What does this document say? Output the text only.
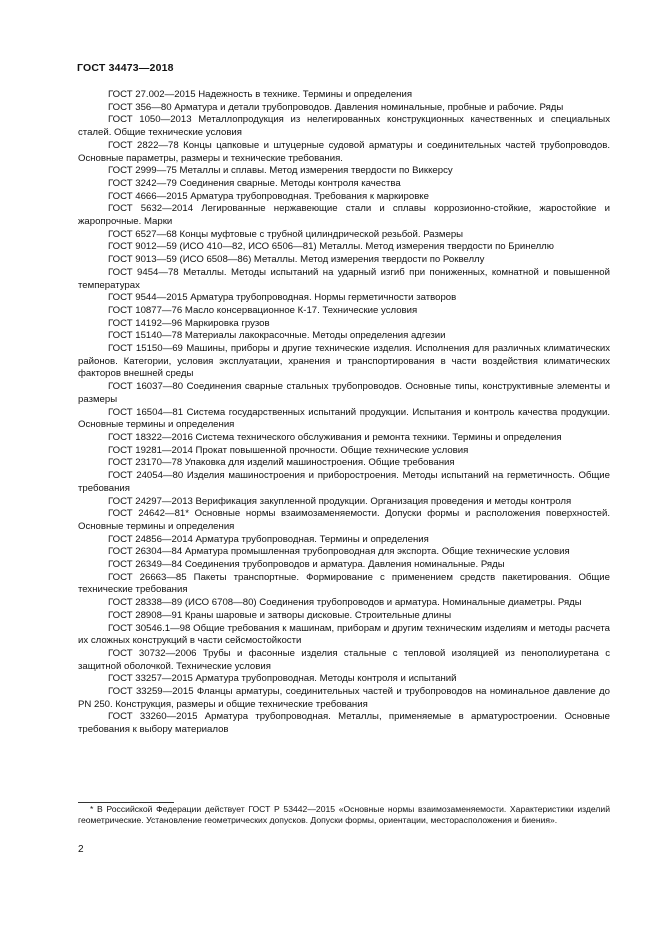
ГОСТ 34473—2018

ГОСТ 27.002—2015 Надежность в технике. Термины и определения

ГОСТ 356—80 Арматура и детали трубопроводов. Давления номинальные, пробные и рабочие. Ряды

ГОСТ 1050—2013 Металлопродукция из нелегированных конструкционных качественных и специальных сталей. Общие технические условия

ГОСТ 2822—78 Концы цапковые и штуцерные судовой арматуры и соединительных частей трубопроводов. Основные параметры, размеры и технические требования.

ГОСТ 2999—75 Металлы и сплавы. Метод измерения твердости по Виккерсу

ГОСТ 3242—79 Соединения сварные. Методы контроля качества

ГОСТ 4666—2015 Арматура трубопроводная. Требования к маркировке

ГОСТ 5632—2014 Легированные нержавеющие стали и сплавы коррозионно-стойкие, жаростойкие и жаропрочные. Марки

ГОСТ 6527—68 Концы муфтовые с трубной цилиндрической резьбой. Размеры

ГОСТ 9012—59 (ИСО 410—82, ИСО 6506—81) Металлы. Метод измерения твердости по Бринеллю

ГОСТ 9013—59 (ИСО 6508—86) Металлы. Метод измерения твердости по Роквеллу

ГОСТ 9454—78 Металлы. Методы испытаний на ударный изгиб при пониженных, комнатной и повышенной температурах

ГОСТ 9544—2015 Арматура трубопроводная. Нормы герметичности затворов

ГОСТ 10877—76 Масло консервационное К-17. Технические условия

ГОСТ 14192—96 Маркировка грузов

ГОСТ 15140—78 Материалы лакокрасочные. Методы определения адгезии

ГОСТ 15150—69 Машины, приборы и другие технические изделия. Исполнения для различных климатических районов. Категории, условия эксплуатации, хранения и транспортирования в части воздействия климатических факторов внешней среды

ГОСТ 16037—80 Соединения сварные стальных трубопроводов. Основные типы, конструктивные элементы и размеры

ГОСТ 16504—81 Система государственных испытаний продукции. Испытания и контроль качества продукции. Основные термины и определения

ГОСТ 18322—2016 Система технического обслуживания и ремонта техники. Термины и определения

ГОСТ 19281—2014 Прокат повышенной прочности. Общие технические условия

ГОСТ 23170—78 Упаковка для изделий машиностроения. Общие требования

ГОСТ 24054—80 Изделия машиностроения и приборостроения. Методы испытаний на герметичность. Общие требования

ГОСТ 24297—2013 Верификация закупленной продукции. Организация проведения и методы контроля

ГОСТ 24642—81* Основные нормы взаимозаменяемости. Допуски формы и расположения поверхностей. Основные термины и определения

ГОСТ 24856—2014 Арматура трубопроводная. Термины и определения

ГОСТ 26304—84 Арматура промышленная трубопроводная для экспорта. Общие технические условия

ГОСТ 26349—84 Соединения трубопроводов и арматура. Давления номинальные. Ряды

ГОСТ 26663—85 Пакеты транспортные. Формирование с применением средств пакетирования. Общие технические требования

ГОСТ 28338—89 (ИСО 6708—80) Соединения трубопроводов и арматура. Номинальные диаметры. Ряды

ГОСТ 28908—91 Краны шаровые и затворы дисковые. Строительные длины

ГОСТ 30546.1—98 Общие требования к машинам, приборам и другим техническим изделиям и методы расчета их сложных конструкций в части сейсмостойкости

ГОСТ 30732—2006 Трубы и фасонные изделия стальные с тепловой изоляцией из пенополиуретана с защитной оболочкой. Технические условия

ГОСТ 33257—2015 Арматура трубопроводная. Методы контроля и испытаний

ГОСТ 33259—2015 Фланцы арматуры, соединительных частей и трубопроводов на номинальное давление до PN 250. Конструкция, размеры и общие технические требования

ГОСТ 33260—2015 Арматура трубопроводная. Металлы, применяемые в арматуростроении. Основные требования к выбору материалов

* В Российской Федерации действует ГОСТ Р 53442—2015 «Основные нормы взаимозаменяемости. Характеристики изделий геометрические. Установление геометрических допусков. Допуски формы, ориентации, месторасположения и биения».
2
